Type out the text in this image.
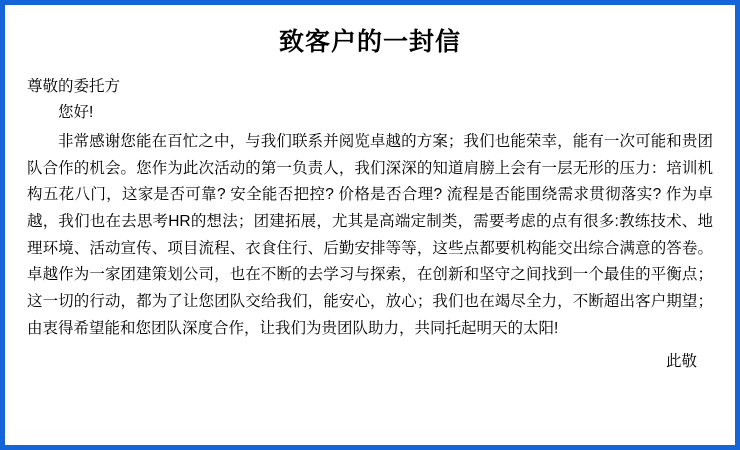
致客户的一封信
尊敬的委托方
您好!
非常感谢您能在百忙之中，与我们联系并阅览卓越的方案；我们也能荣幸，能有一次可能和贵团队合作的机会。您作为此次活动的第一负责人，我们深深的知道肩膀上会有一层无形的压力：培训机构五花八门，这家是否可靠? 安全能否把控? 价格是否合理? 流程是否能围绕需求贯彻落实? 作为卓越，我们也在去思考HR的想法；团建拓展，尤其是高端定制类，需要考虑的点有很多:教练技术、地理环境、活动宣传、项目流程、衣食住行、后勤安排等等，这些点都要机构能交出综合满意的答卷。卓越作为一家团建策划公司，也在不断的去学习与探索，在创新和坚守之间找到一个最佳的平衡点；这一切的行动，都为了让您团队交给我们，能安心，放心；我们也在竭尽全力，不断超出客户期望；由衷得希望能和您团队深度合作，让我们为贵团队助力，共同托起明天的太阳!
此敬
